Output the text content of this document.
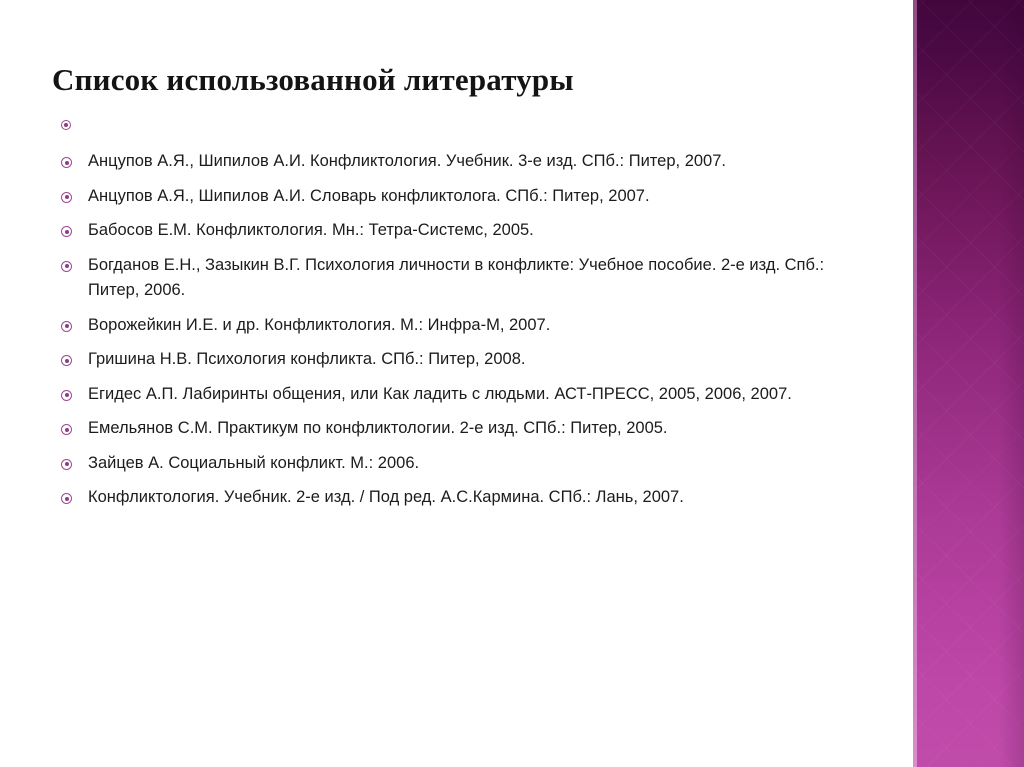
Список использованной литературы
Анцупов А.Я., Шипилов А.И. Конфликтология. Учебник. 3-е изд. СПб.: Питер, 2007.
Анцупов А.Я., Шипилов А.И. Словарь конфликтолога. СПб.: Питер, 2007.
Бабосов Е.М. Конфликтология. Мн.: Тетра-Системс, 2005.
Богданов Е.Н., Зазыкин В.Г. Психология личности в конфликте: Учебное пособие. 2-е изд. Спб.: Питер, 2006.
Ворожейкин И.Е. и др. Конфликтология. М.: Инфра-М, 2007.
Гришина Н.В. Психология конфликта. СПб.: Питер, 2008.
Егидес А.П. Лабиринты общения, или Как ладить с людьми. АСТ-ПРЕСС, 2005, 2006, 2007.
Емельянов С.М. Практикум по конфликтологии. 2-е изд. СПб.: Питер, 2005.
Зайцев А. Социальный конфликт. М.: 2006.
Конфликтология. Учебник. 2-е изд. / Под ред. А.С.Кармина. СПб.: Лань, 2007.
